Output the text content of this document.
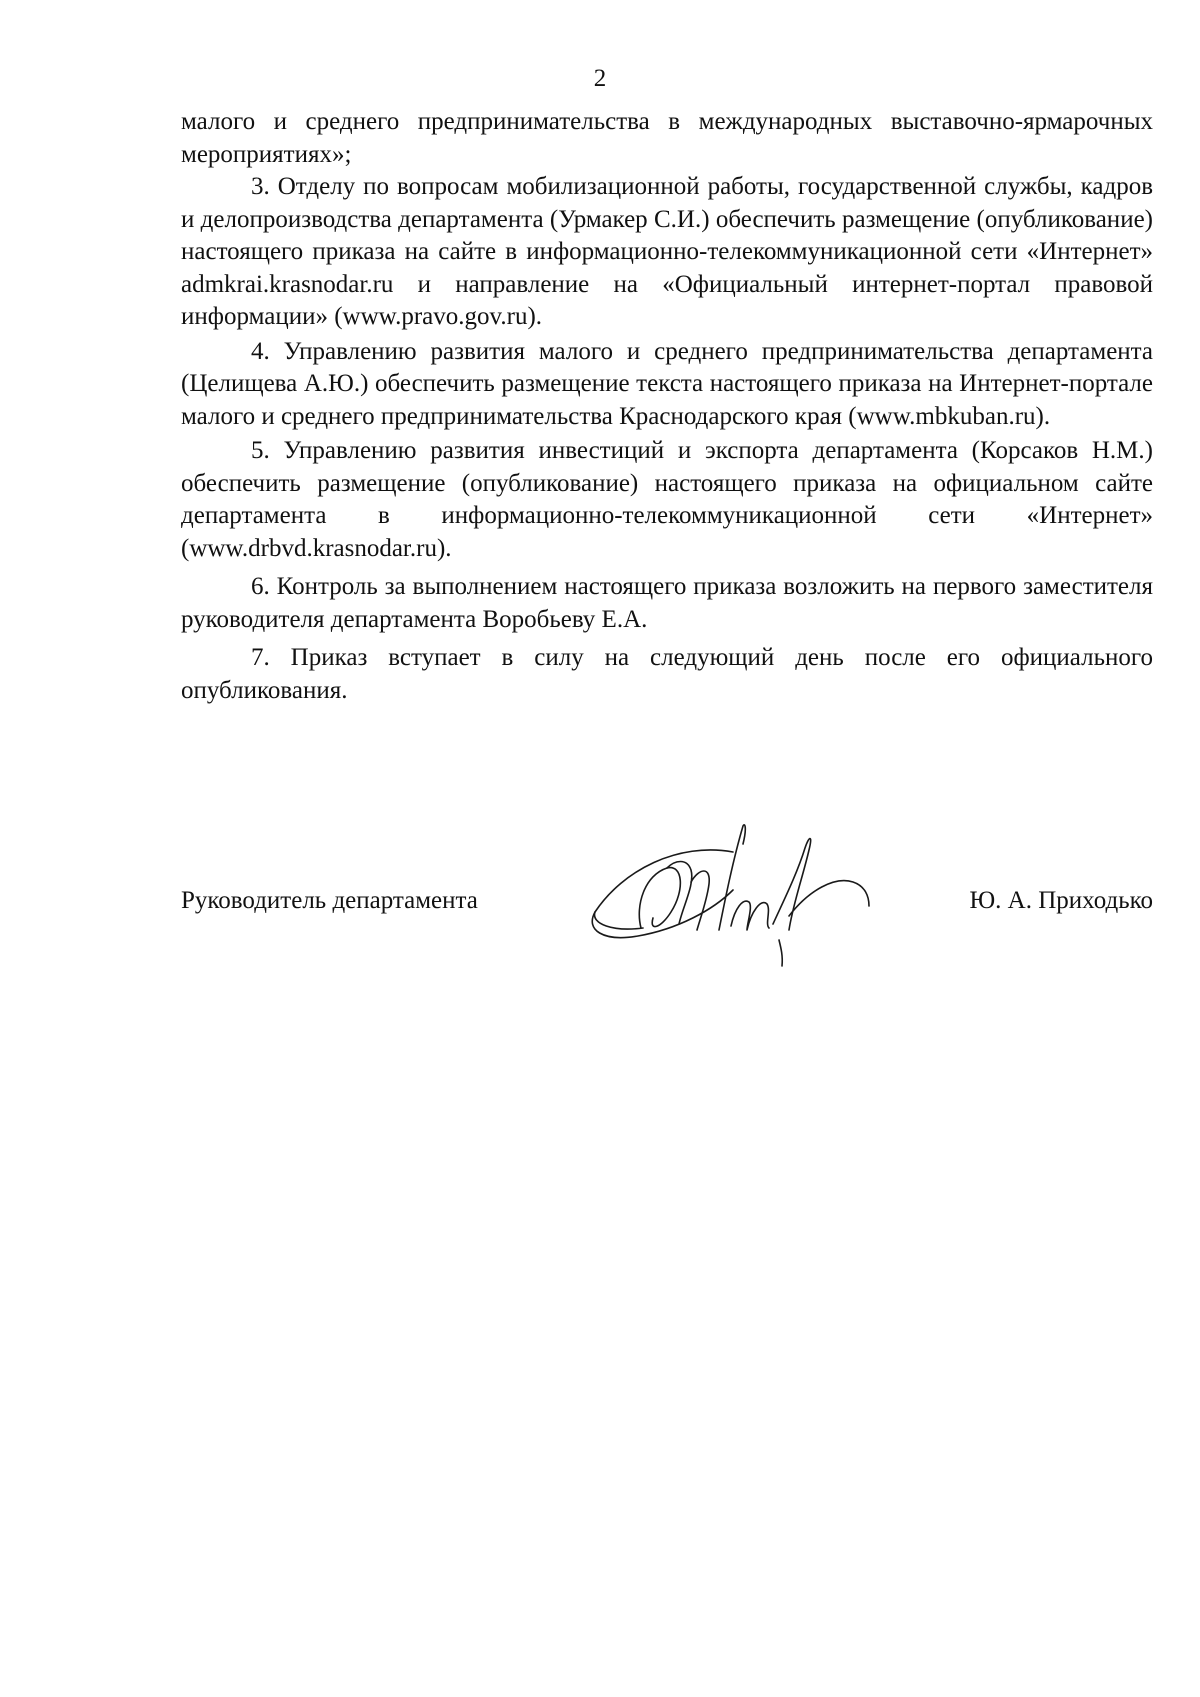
2

малого и среднего предпринимательства в международных выставочно-ярмарочных мероприятиях»;

3. Отделу по вопросам мобилизационной работы, государственной службы, кадров и делопроизводства департамента (Урмакер С.И.) обеспечить размещение (опубликование) настоящего приказа на сайте в информационно-телекоммуникационной сети «Интернет» admkrai.krasnodar.ru и направление на «Официальный интернет-портал правовой информации» (www.pravo.gov.ru).

4. Управлению развития малого и среднего предпринимательства департамента (Целищева А.Ю.) обеспечить размещение текста настоящего приказа на Интернет-портале малого и среднего предпринимательства Краснодарского края (www.mbkuban.ru).

5. Управлению развития инвестиций и экспорта департамента (Корсаков Н.М.) обеспечить размещение (опубликование) настоящего приказа на официальном сайте департамента в информационно-телекоммуникационной сети «Интернет» (www.drbvd.krasnodar.ru).

6. Контроль за выполнением настоящего приказа возложить на первого заместителя руководителя департамента Воробьеву Е.А.

7. Приказ вступает в силу на следующий день после его официального опубликования.

Руководитель департамента	Ю. А. Приходько
